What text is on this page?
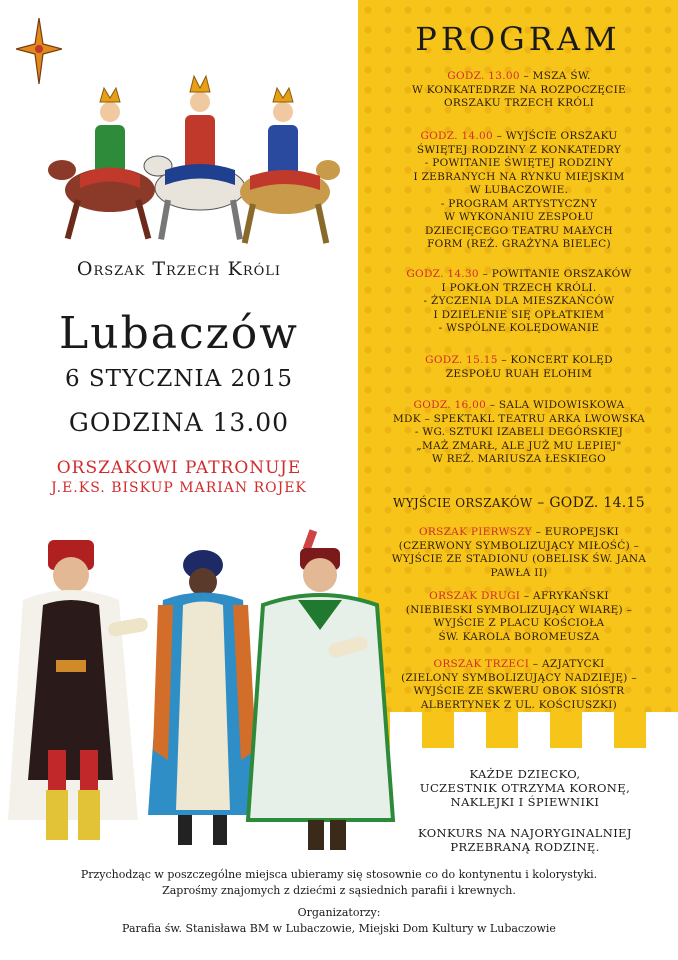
PROGRAM
GODZ. 13.00 – MSZA ŚW.
W KONKATEDRZE NA ROZPOCZĘCIE
ORSZAKU TRZECH KRÓLI
GODZ. 14.00 – WYJŚCIE ORSZAKU
ŚWIĘTEJ RODZINY Z KONKATEDRY
- POWITANIE ŚWIĘTEJ RODZINY
I ZEBRANYCH NA RYNKU MIEJSKIM
W LUBACZOWIE.
- PROGRAM ARTYSTYCZNY
W WYKONANIU ZESPOŁU
DZIECIĘCEGO TEATRU MAŁYCH
FORM (REŻ. GRAŻYNA BIELEC)
GODZ. 14.30 – POWITANIE ORSZAKÓW
I POKŁON TRZECH KRÓLI.
- ŻYCZENIA DLA MIESZKAŃCÓW
I DZIELENIE SIĘ OPŁATKIEM
- WSPÓLNE KOLĘDOWANIE
GODZ. 15.15 – KONCERT KOLĘD
ZESPOŁU RUAH ELOHIM
GODZ. 16.00 – SALA WIDOWISKOWA
MDK – SPEKTAKL TEATRU ARKA LWOWSKA
- WG. SZTUKI IZABELI DEGÓRSKIEJ
„MAŻ ZMARŁ, ALE JUŻ MU LEPIEJ"
W REŻ. MARIUSZA ŁESKIEGO
WYJŚCIE ORSZAKÓW – GODZ. 14.15
ORSZAK PIERWSZY – EUROPEJSKI
(CZERWONY SYMBOLIZUJĄCY MIŁOŚĆ) –
WYJŚCIE ZE STADIONU (OBELISK ŚW. JANA
PAWŁA II)
ORSZAK DRUGI – AFRYKAŃSKI
(NIEBIESKI SYMBOLIZUJĄCY WIARĘ) –
WYJŚCIE Z PLACU KOŚCIOŁA
ŚW. KAROLA BOROMEUSZA
ORSZAK TRZECI – AZJATYCKI
(ZIELONY SYMBOLIZUJĄCY NADZIEJĘ) –
WYJŚCIE ZE SKWERU OBOK SIÓSTR
ALBERTYNEK Z UL. KOŚCIUSZKI)
Orszak Trzech Króli
Lubaczów
6 STYCZNIA 2015
GODZINA 13.00
ORSZAKOWI PATRONUJE
J.E.KS. BISKUP MARIAN ROJEK
KAŻDE DZIECKO,
UCZESTNIK OTRZYMA KORONĘ,
NAKLEJKI I ŚPIEWNIKI
KONKURS NA NAJORYGINALNIEJ
PRZEBRANĄ RODZINĘ.
Przychodząc w poszczególne miejsca ubieramy się stosownie co do kontynentu i kolorystyki.
Zaprośmy znajomych z dziećmi z sąsiednich parafii i krewnych.
Organizatorzy:
Parafia św. Stanisława BM w Lubaczowie, Miejski Dom Kultury w Lubaczowie
